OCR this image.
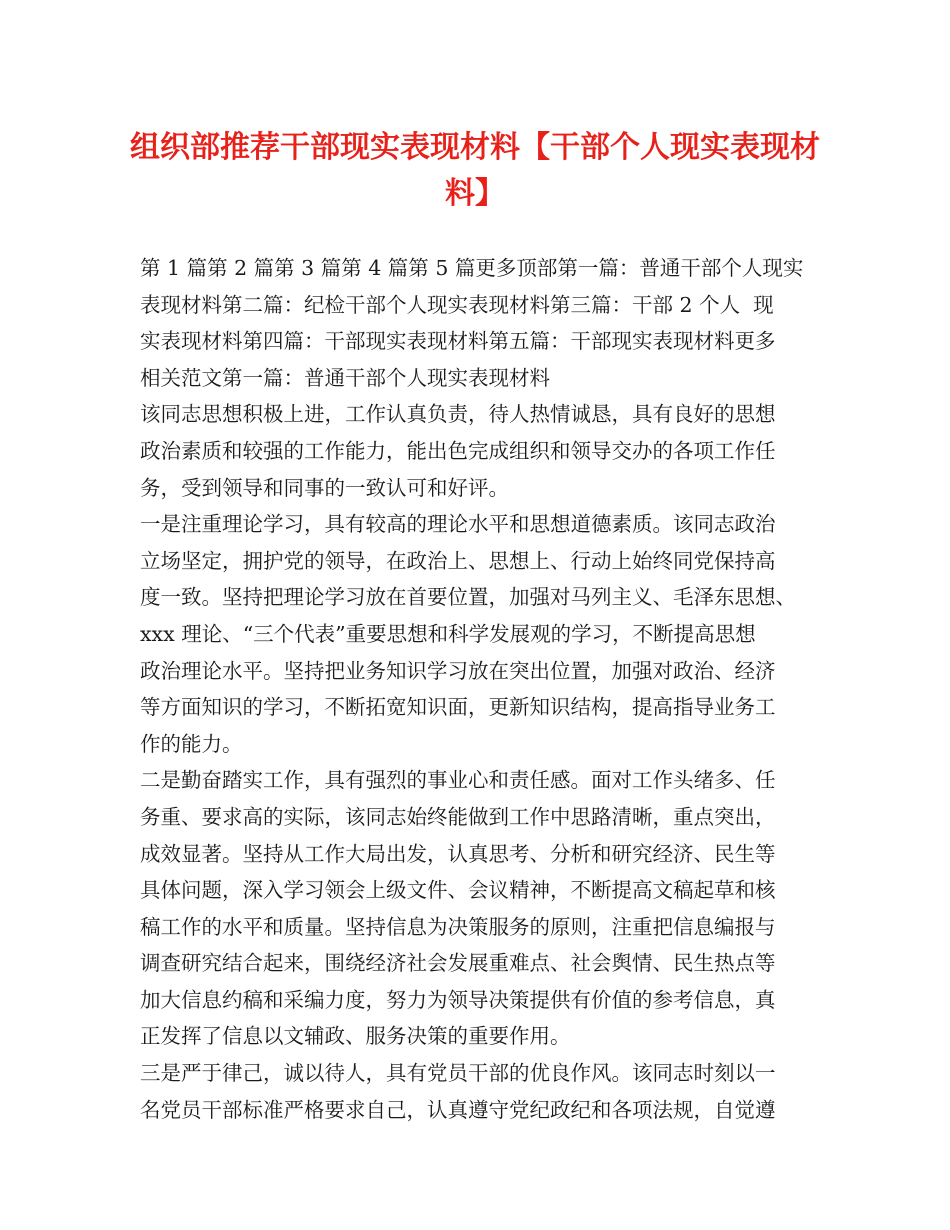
组织部推荐干部现实表现材料【干部个人现实表现材
料】
第 1 篇第 2 篇第 3 篇第 4 篇第 5 篇更多顶部第一篇：普通干部个人现实
表现材料第二篇：纪检干部个人现实表现材料第三篇：干部 2 个人  现
实表现材料第四篇：干部现实表现材料第五篇：干部现实表现材料更多
相关范文第一篇：普通干部个人现实表现材料
该同志思想积极上进，工作认真负责，待人热情诚恳，具有良好的思想
政治素质和较强的工作能力，能出色完成组织和领导交办的各项工作任
务，受到领导和同事的一致认可和好评。
一是注重理论学习，具有较高的理论水平和思想道德素质。该同志政治
立场坚定，拥护党的领导，在政治上、思想上、行动上始终同党保持高
度一致。坚持把理论学习放在首要位置，加强对马列主义、毛泽东思想、
xxx 理论、“三个代表”重要思想和科学发展观的学习，不断提高思想
政治理论水平。坚持把业务知识学习放在突出位置，加强对政治、经济
等方面知识的学习，不断拓宽知识面，更新知识结构，提高指导业务工
作的能力。
二是勤奋踏实工作，具有强烈的事业心和责任感。面对工作头绪多、任
务重、要求高的实际，该同志始终能做到工作中思路清晰，重点突出，
成效显著。坚持从工作大局出发，认真思考、分析和研究经济、民生等
具体问题，深入学习领会上级文件、会议精神，不断提高文稿起草和核
稿工作的水平和质量。坚持信息为决策服务的原则，注重把信息编报与
调查研究结合起来，围绕经济社会发展重难点、社会舆情、民生热点等
加大信息约稿和采编力度，努力为领导决策提供有价值的参考信息，真
正发挥了信息以文辅政、服务决策的重要作用。
三是严于律己，诚以待人，具有党员干部的优良作风。该同志时刻以一
名党员干部标准严格要求自己，认真遵守党纪政纪和各项法规，自觉遵
